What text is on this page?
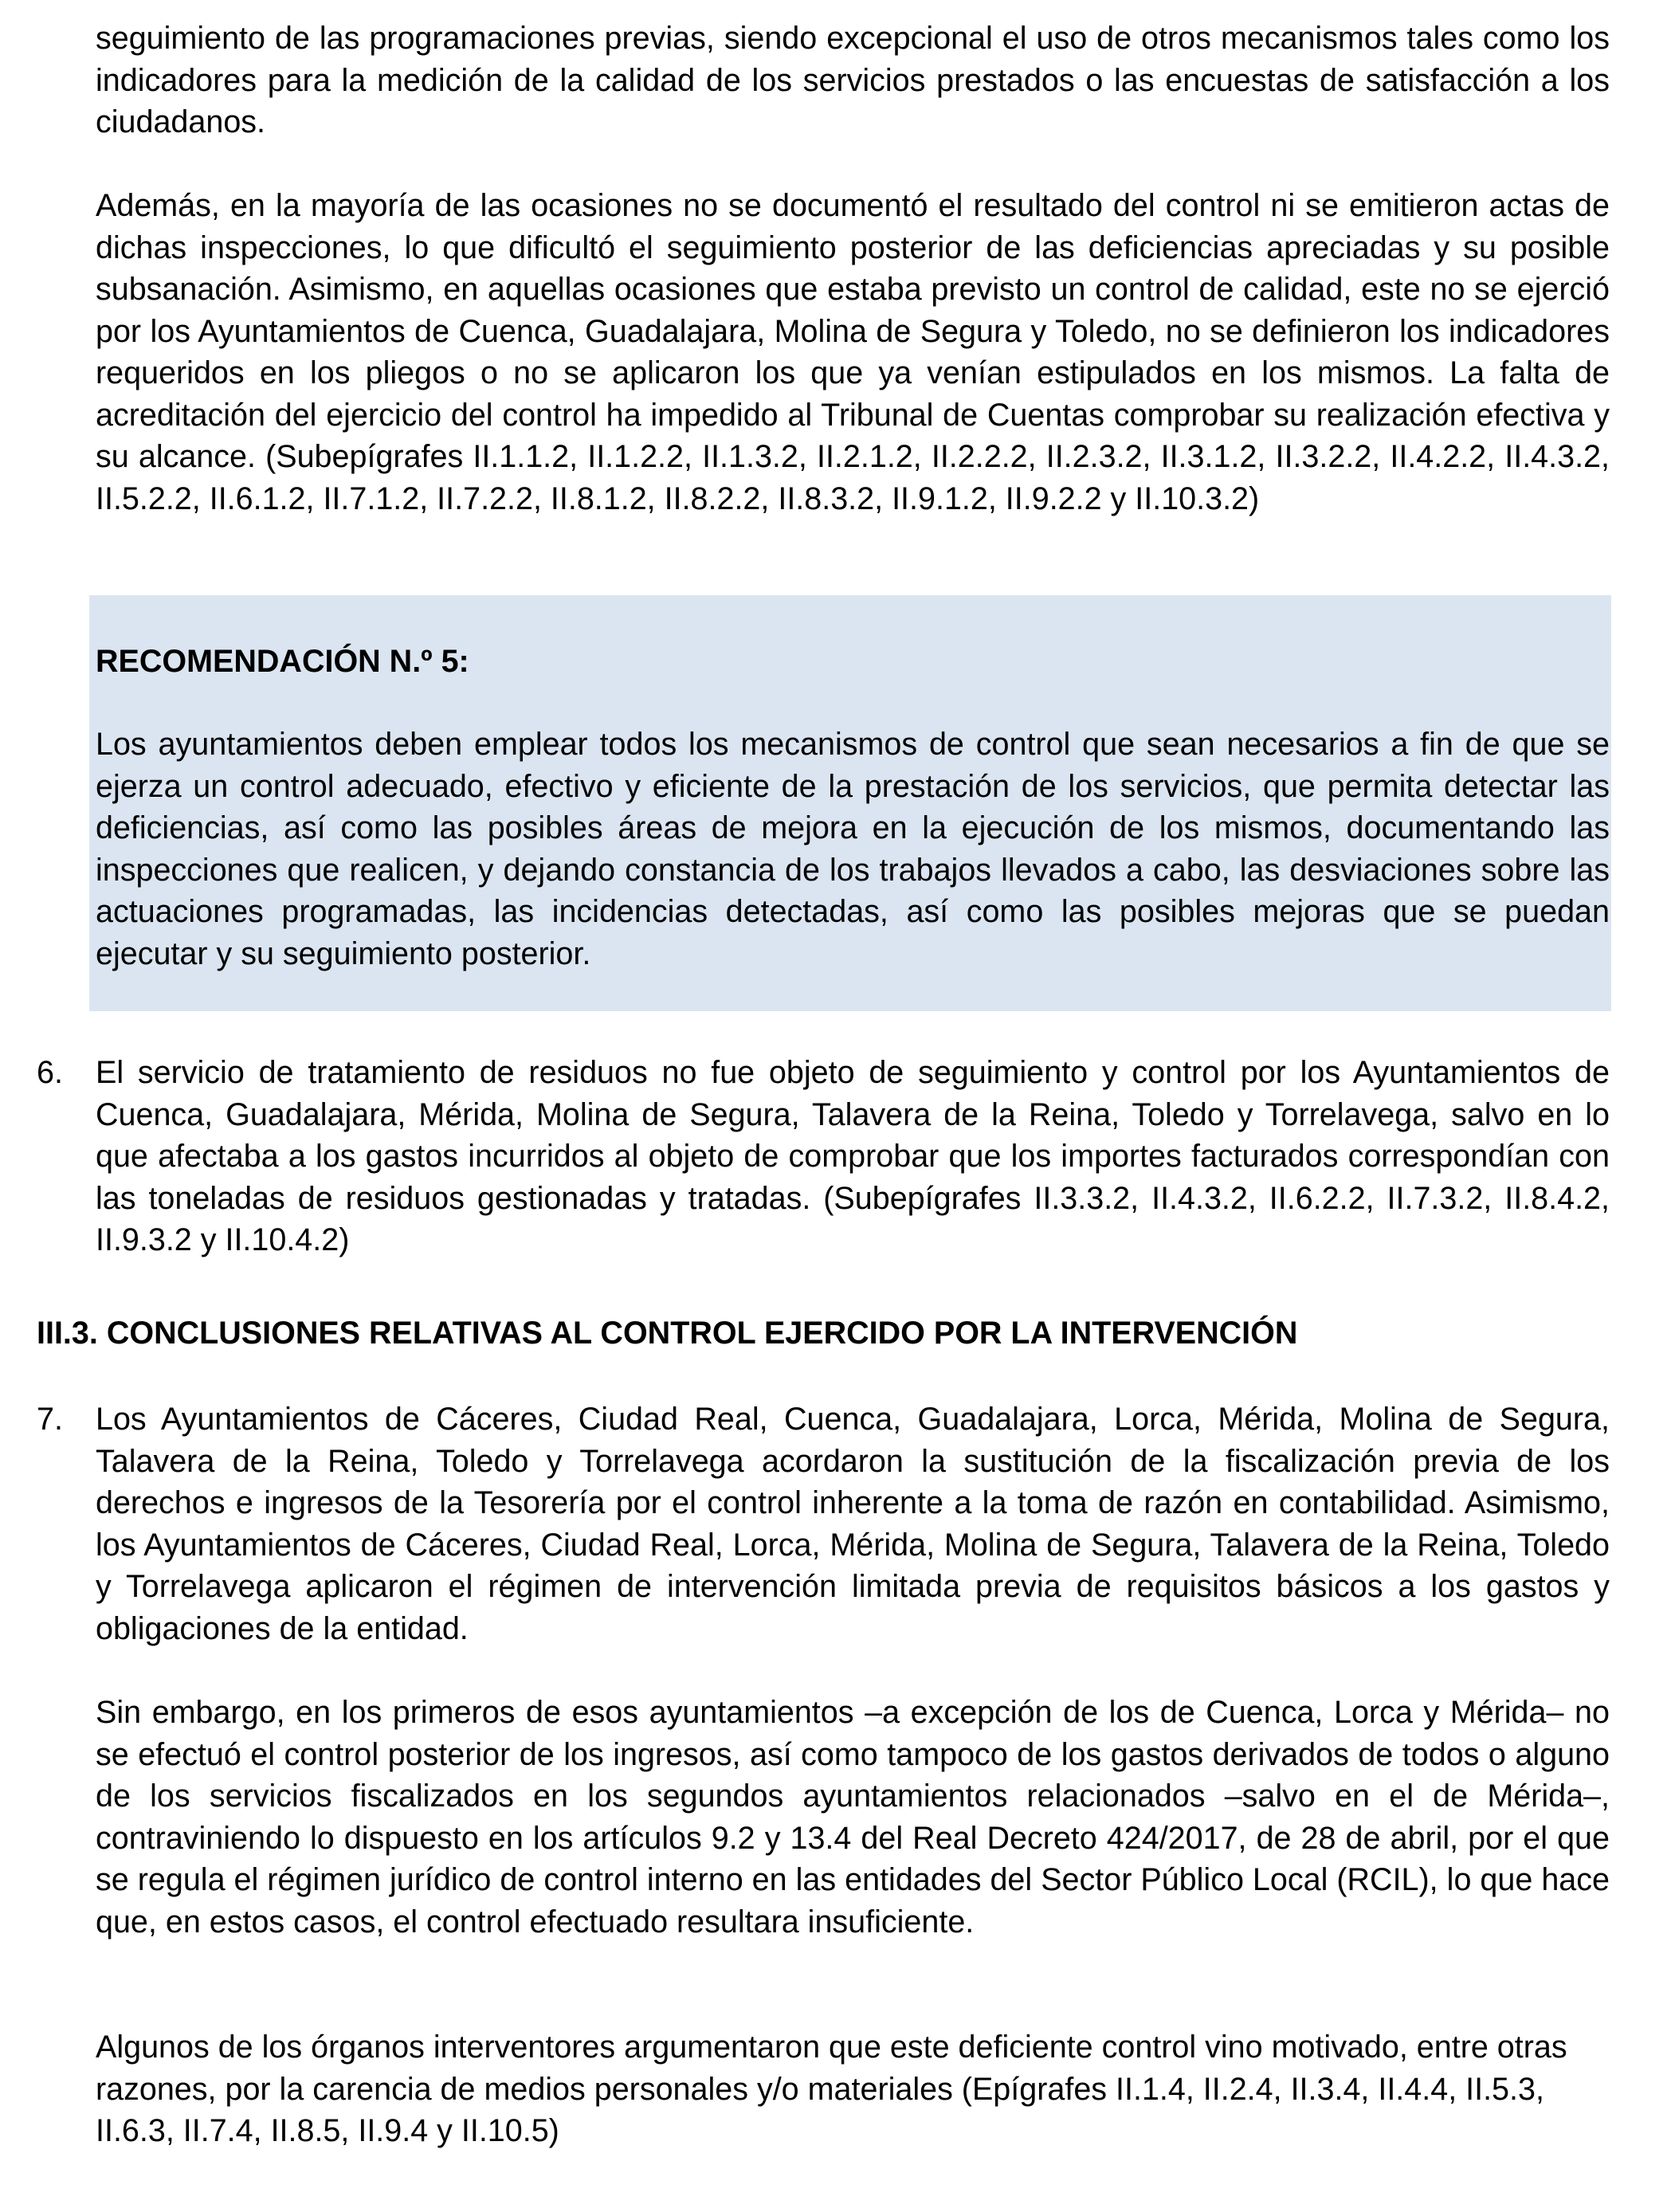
seguimiento de las programaciones previas, siendo excepcional el uso de otros mecanismos tales como los indicadores para la medición de la calidad de los servicios prestados o las encuestas de satisfacción a los ciudadanos.

Además, en la mayoría de las ocasiones no se documentó el resultado del control ni se emitieron actas de dichas inspecciones, lo que dificultó el seguimiento posterior de las deficiencias apreciadas y su posible subsanación. Asimismo, en aquellas ocasiones que estaba previsto un control de calidad, este no se ejerció por los Ayuntamientos de Cuenca, Guadalajara, Molina de Segura y Toledo, no se definieron los indicadores requeridos en los pliegos o no se aplicaron los que ya venían estipulados en los mismos. La falta de acreditación del ejercicio del control ha impedido al Tribunal de Cuentas comprobar su realización efectiva y su alcance. (Subepígrafes II.1.1.2, II.1.2.2, II.1.3.2, II.2.1.2, II.2.2.2, II.2.3.2, II.3.1.2, II.3.2.2, II.4.2.2, II.4.3.2, II.5.2.2, II.6.1.2, II.7.1.2, II.7.2.2, II.8.1.2, II.8.2.2, II.8.3.2, II.9.1.2, II.9.2.2 y II.10.3.2)

RECOMENDACIÓN N.º 5:

Los ayuntamientos deben emplear todos los mecanismos de control que sean necesarios a fin de que se ejerza un control adecuado, efectivo y eficiente de la prestación de los servicios, que permita detectar las deficiencias, así como las posibles áreas de mejora en la ejecución de los mismos, documentando las inspecciones que realicen, y dejando constancia de los trabajos llevados a cabo, las desviaciones sobre las actuaciones programadas, las incidencias detectadas, así como las posibles mejoras que se puedan ejecutar y su seguimiento posterior.

6. El servicio de tratamiento de residuos no fue objeto de seguimiento y control por los Ayuntamientos de Cuenca, Guadalajara, Mérida, Molina de Segura, Talavera de la Reina, Toledo y Torrelavega, salvo en lo que afectaba a los gastos incurridos al objeto de comprobar que los importes facturados correspondían con las toneladas de residuos gestionadas y tratadas. (Subepígrafes II.3.3.2, II.4.3.2, II.6.2.2, II.7.3.2, II.8.4.2, II.9.3.2 y II.10.4.2)

III.3. CONCLUSIONES RELATIVAS AL CONTROL EJERCIDO POR LA INTERVENCIÓN

7. Los Ayuntamientos de Cáceres, Ciudad Real, Cuenca, Guadalajara, Lorca, Mérida, Molina de Segura, Talavera de la Reina, Toledo y Torrelavega acordaron la sustitución de la fiscalización previa de los derechos e ingresos de la Tesorería por el control inherente a la toma de razón en contabilidad. Asimismo, los Ayuntamientos de Cáceres, Ciudad Real, Lorca, Mérida, Molina de Segura, Talavera de la Reina, Toledo y Torrelavega aplicaron el régimen de intervención limitada previa de requisitos básicos a los gastos y obligaciones de la entidad.

Sin embargo, en los primeros de esos ayuntamientos –a excepción de los de Cuenca, Lorca y Mérida– no se efectuó el control posterior de los ingresos, así como tampoco de los gastos derivados de todos o alguno de los servicios fiscalizados en los segundos ayuntamientos relacionados –salvo en el de Mérida–, contraviniendo lo dispuesto en los artículos 9.2 y 13.4 del Real Decreto 424/2017, de 28 de abril, por el que se regula el régimen jurídico de control interno en las entidades del Sector Público Local (RCIL), lo que hace que, en estos casos, el control efectuado resultara insuficiente.

Algunos de los órganos interventores argumentaron que este deficiente control vino motivado, entre otras razones, por la carencia de medios personales y/o materiales (Epígrafes II.1.4, II.2.4, II.3.4, II.4.4, II.5.3, II.6.3, II.7.4, II.8.5, II.9.4 y II.10.5)
